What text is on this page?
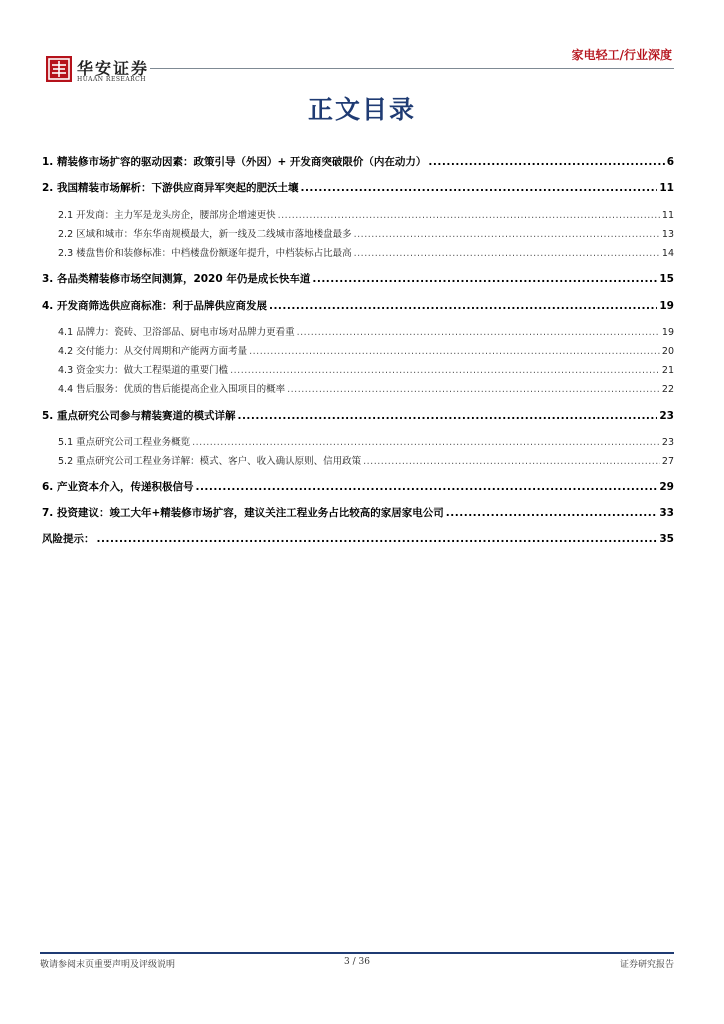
华安证券
HUAAN RESEARCH
家电轻工/行业深度
正文目录
1. 精装修市场扩容的驱动因素：政策引导（外因）+ 开发商突破限价（内在动力） .....	6
2. 我国精装市场解析：下游供应商异军突起的肥沃土壤 .....	11
2.1 开发商：主力军是龙头房企，腰部房企增速更快 .....	11
2.2 区域和城市：华东华南规模最大，新一线及二线城市落地楼盘最多 .....	13
2.3 楼盘售价和装修标准：中档楼盘份额逐年提升，中档装标占比最高 .....	14
3. 各品类精装修市场空间测算，2020 年仍是成长快车道 .....	15
4. 开发商筛选供应商标准：利于品牌供应商发展 .....	19
4.1 品牌力：瓷砖、卫浴部品、厨电市场对品牌力更看重 .....	19
4.2 交付能力：从交付周期和产能两方面考量 .....	20
4.3 资金实力：做大工程渠道的重要门槛 .....	21
4.4 售后服务：优质的售后能提高企业入围项目的概率 .....	22
5. 重点研究公司参与精装赛道的模式详解 .....	23
5.1 重点研究公司工程业务概览 .....	23
5.2 重点研究公司工程业务详解：模式、客户、收入确认原则、信用政策 .....	27
6. 产业资本介入，传递积极信号 .....	29
7. 投资建议：竣工大年+精装修市场扩容，建议关注工程业务占比较高的家居家电公司 .....	33
风险提示： .....	35
敬请参阅末页重要声明及评级说明	3 / 36	证券研究报告
